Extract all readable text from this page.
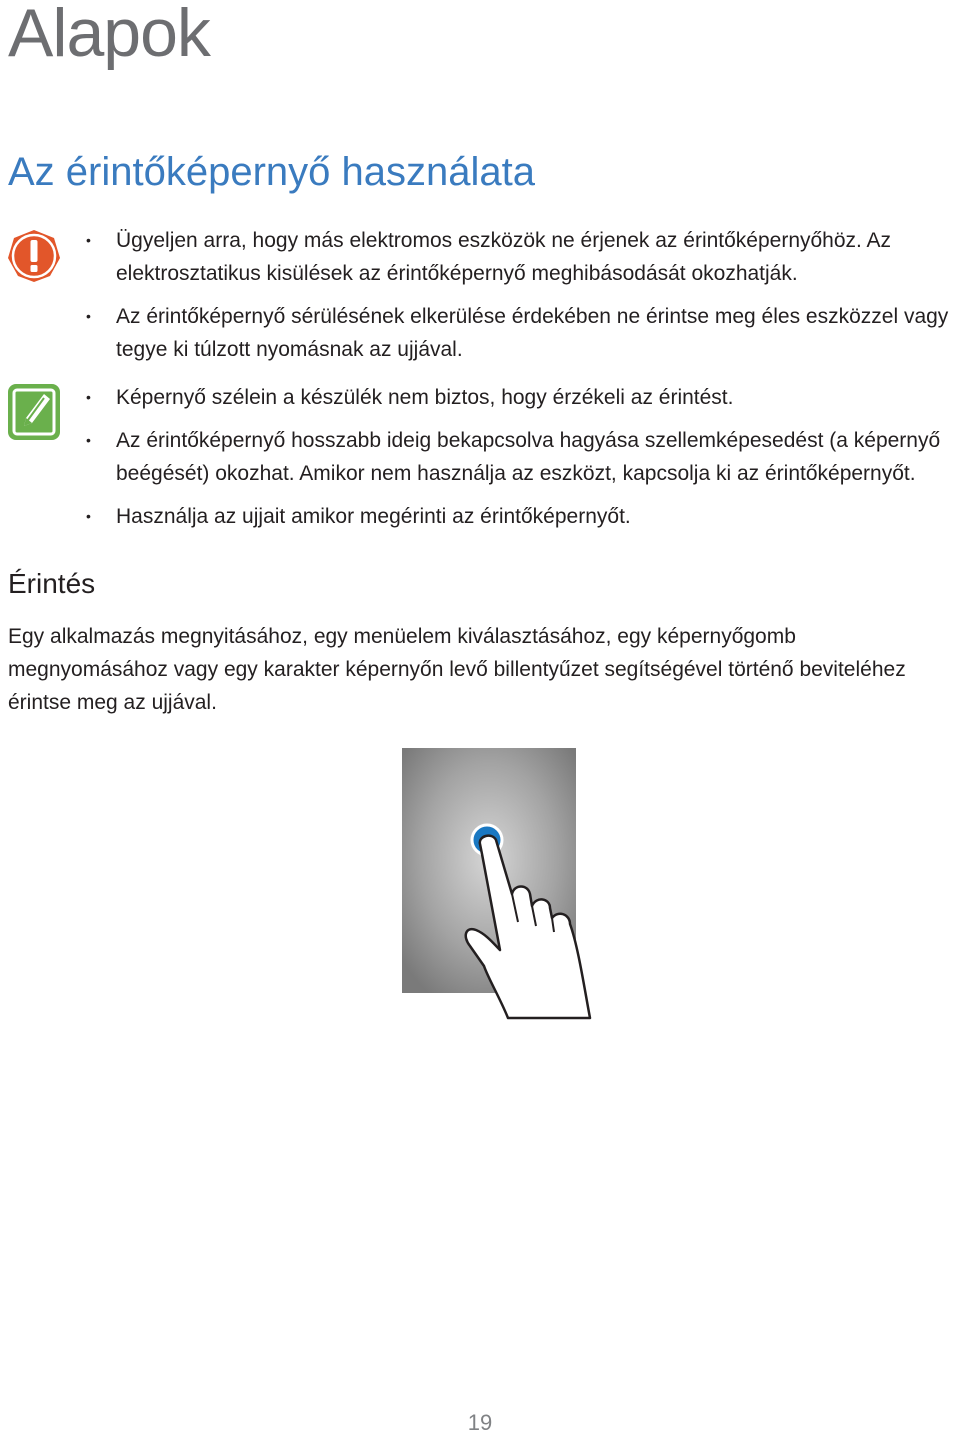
Alapok
Az érintőképernyő használata
• Ügyeljen arra, hogy más elektromos eszközök ne érjenek az érintőképernyőhöz. Az elektrosztatikus kisülések az érintőképernyő meghibásodását okozhatják.
• Az érintőképernyő sérülésének elkerülése érdekében ne érintse meg éles eszközzel vagy tegye ki túlzott nyomásnak az ujjával.
• Képernyő szélein a készülék nem biztos, hogy érzékeli az érintést.
• Az érintőképernyő hosszabb ideig bekapcsolva hagyása szellemképesedést (a képernyő beégését) okozhat. Amikor nem használja az eszközt, kapcsolja ki az érintőképernyőt.
• Használja az ujjait amikor megérinti az érintőképernyőt.
Érintés

Egy alkalmazás megnyitásához, egy menüelem kiválasztásához, egy képernyőgomb megnyomásához vagy egy karakter képernyőn levő billentyűzet segítségével történő beviteléhez érintse meg az ujjával.

19
